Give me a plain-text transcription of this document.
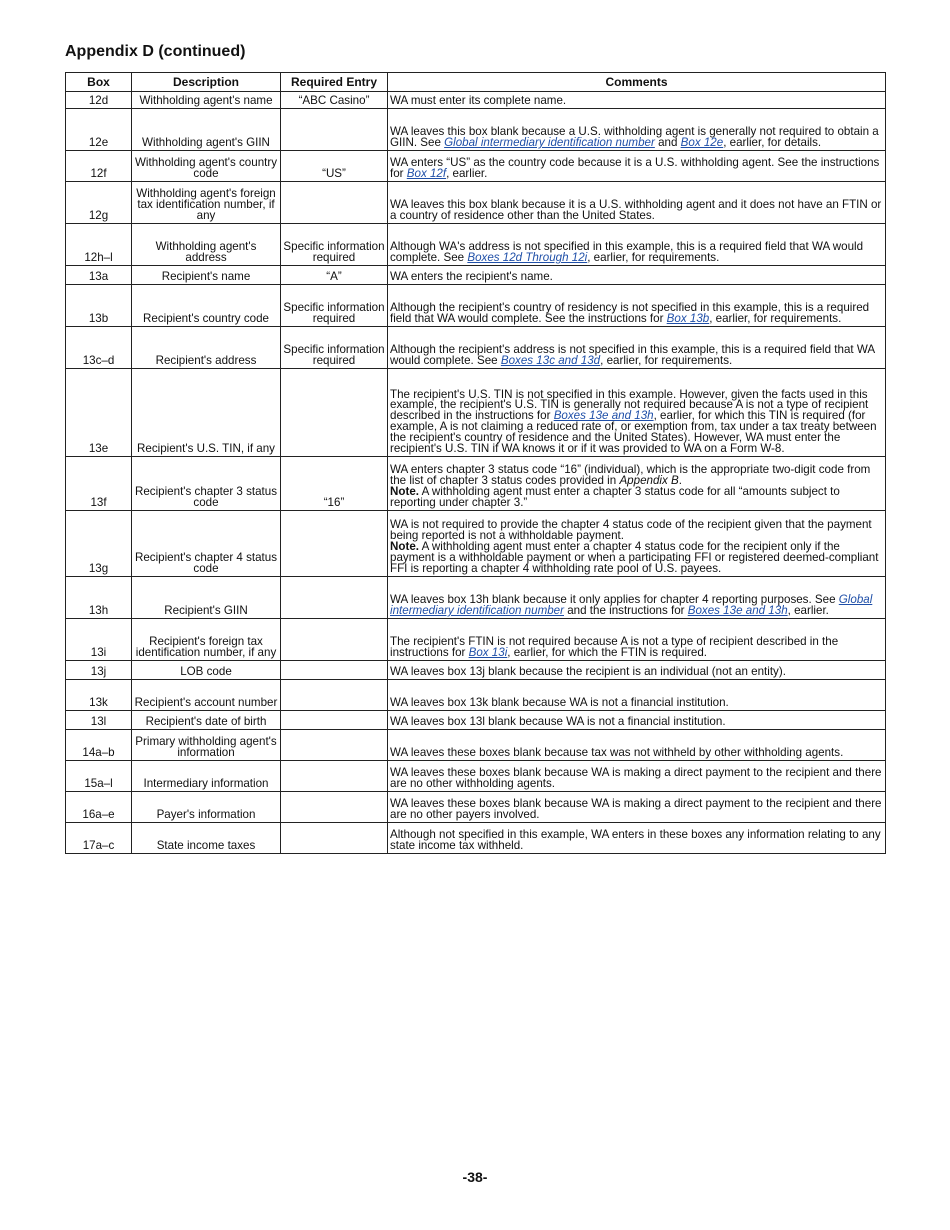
Appendix D (continued)
Box	Description	Required Entry	Comments
12d	Withholding agent's name	“ABC Casino”	WA must enter its complete name.

12e	Withholding agent's GIIN		WA leaves this box blank because a U.S. withholding agent is generally not required to obtain a GIIN. See Global intermediary identification number and Box 12e, earlier, for details.

12f	Withholding agent's country code	“US”	WA enters “US” as the country code because it is a U.S. withholding agent. See the instructions for Box 12f, earlier.

12g	Withholding agent's foreign tax identification number, if any		WA leaves this box blank because it is a U.S. withholding agent and it does not have an FTIN or a country of residence other than the United States.

12h–l	Withholding agent's address	Specific information required	Although WA's address is not specified in this example, this is a required field that WA would complete. See Boxes 12d Through 12i, earlier, for requirements.

13a	Recipient's name	“A”	WA enters the recipient's name.

13b	Recipient's country code	Specific information required	Although the recipient's country of residency is not specified in this example, this is a required field that WA would complete. See the instructions for Box 13b, earlier, for requirements.

13c–d	Recipient's address	Specific information required	Although the recipient's address is not specified in this example, this is a required field that WA would complete. See Boxes 13c and 13d, earlier, for requirements.

13e	Recipient's U.S. TIN, if any		The recipient's U.S. TIN is not specified in this example. However, given the facts used in this example, the recipient's U.S. TIN is generally not required because A is not a type of recipient described in the instructions for Boxes 13e and 13h, earlier, for which this TIN is required (for example, A is not claiming a reduced rate of, or exemption from, tax under a tax treaty between the recipient's country of residence and the United States). However, WA must enter the recipient's U.S. TIN if WA knows it or if it was provided to WA on a Form W-8.

13f	Recipient's chapter 3 status code	“16”	WA enters chapter 3 status code “16” (individual), which is the appropriate two-digit code from the list of chapter 3 status codes provided in Appendix B.
Note. A withholding agent must enter a chapter 3 status code for all “amounts subject to reporting under chapter 3.”

13g	Recipient's chapter 4 status code		WA is not required to provide the chapter 4 status code of the recipient given that the payment being reported is not a withholdable payment.
Note. A withholding agent must enter a chapter 4 status code for the recipient only if the payment is a withholdable payment or when a participating FFI or registered deemed-compliant FFI is reporting a chapter 4 withholding rate pool of U.S. payees.

13h	Recipient's GIIN		WA leaves box 13h blank because it only applies for chapter 4 reporting purposes. See Global intermediary identification number and the instructions for Boxes 13e and 13h, earlier.

13i	Recipient's foreign tax identification number, if any		The recipient's FTIN is not required because A is not a type of recipient described in the instructions for Box 13i, earlier, for which the FTIN is required.

13j	LOB code		WA leaves box 13j blank because the recipient is an individual (not an entity).

13k	Recipient's account number		WA leaves box 13k blank because WA is not a financial institution.

13l	Recipient's date of birth		WA leaves box 13l blank because WA is not a financial institution.

14a–b	Primary withholding agent's information		WA leaves these boxes blank because tax was not withheld by other withholding agents.

15a–l	Intermediary information		WA leaves these boxes blank because WA is making a direct payment to the recipient and there are no other withholding agents.

16a–e	Payer's information		WA leaves these boxes blank because WA is making a direct payment to the recipient and there are no other payers involved.

17a–c	State income taxes		Although not specified in this example, WA enters in these boxes any information relating to any state income tax withheld.
-38-
